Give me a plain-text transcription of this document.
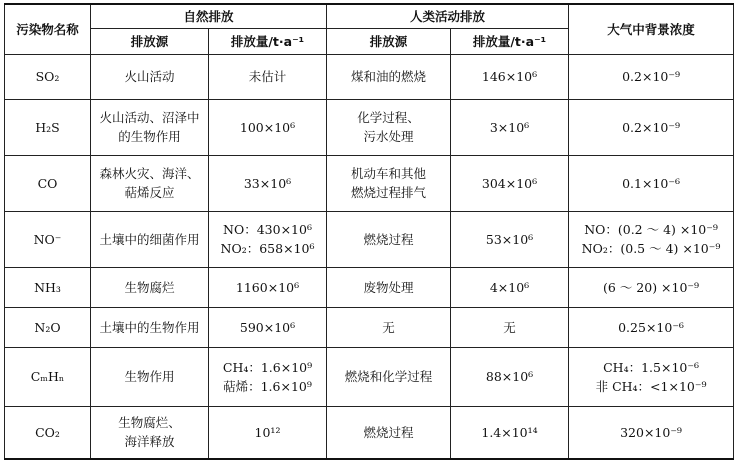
污染物名称	自然排放		人类活动排放		大气中背景浓度
	排放源	排放量/t·a⁻¹	排放源	排放量/t·a⁻¹	

SO₂	火山活动	未估计	煤和油的燃烧	146×10⁶	0.2×10⁻⁹

H₂S	火山活动、沼泽中
的生物作用	100×10⁶	化学过程、
污水处理	3×10⁶	0.2×10⁻⁹

CO	森林火灾、海洋、
萜烯反应	33×10⁶	机动车和其他
燃烧过程排气	304×10⁶	0.1×10⁻⁶

NO⁻	土壤中的细菌作用	NO：430×10⁶
NO₂：658×10⁶	燃烧过程	53×10⁶	NO：(0.2 ～ 4) ×10⁻⁹
NO₂：(0.5 ～ 4) ×10⁻⁹

NH₃	生物腐烂	1160×10⁶	废物处理	4×10⁶	(6 ～ 20) ×10⁻⁹

N₂O	土壤中的生物作用	590×10⁶	无	无	0.25×10⁻⁶

CₘHₙ	生物作用	CH₄：1.6×10⁹
萜烯：1.6×10⁹	燃烧和化学过程	88×10⁶	CH₄：1.5×10⁻⁶
非 CH₄：<1×10⁻⁹

CO₂	生物腐烂、
海洋释放	10¹²	燃烧过程	1.4×10¹⁴	320×10⁻⁹
